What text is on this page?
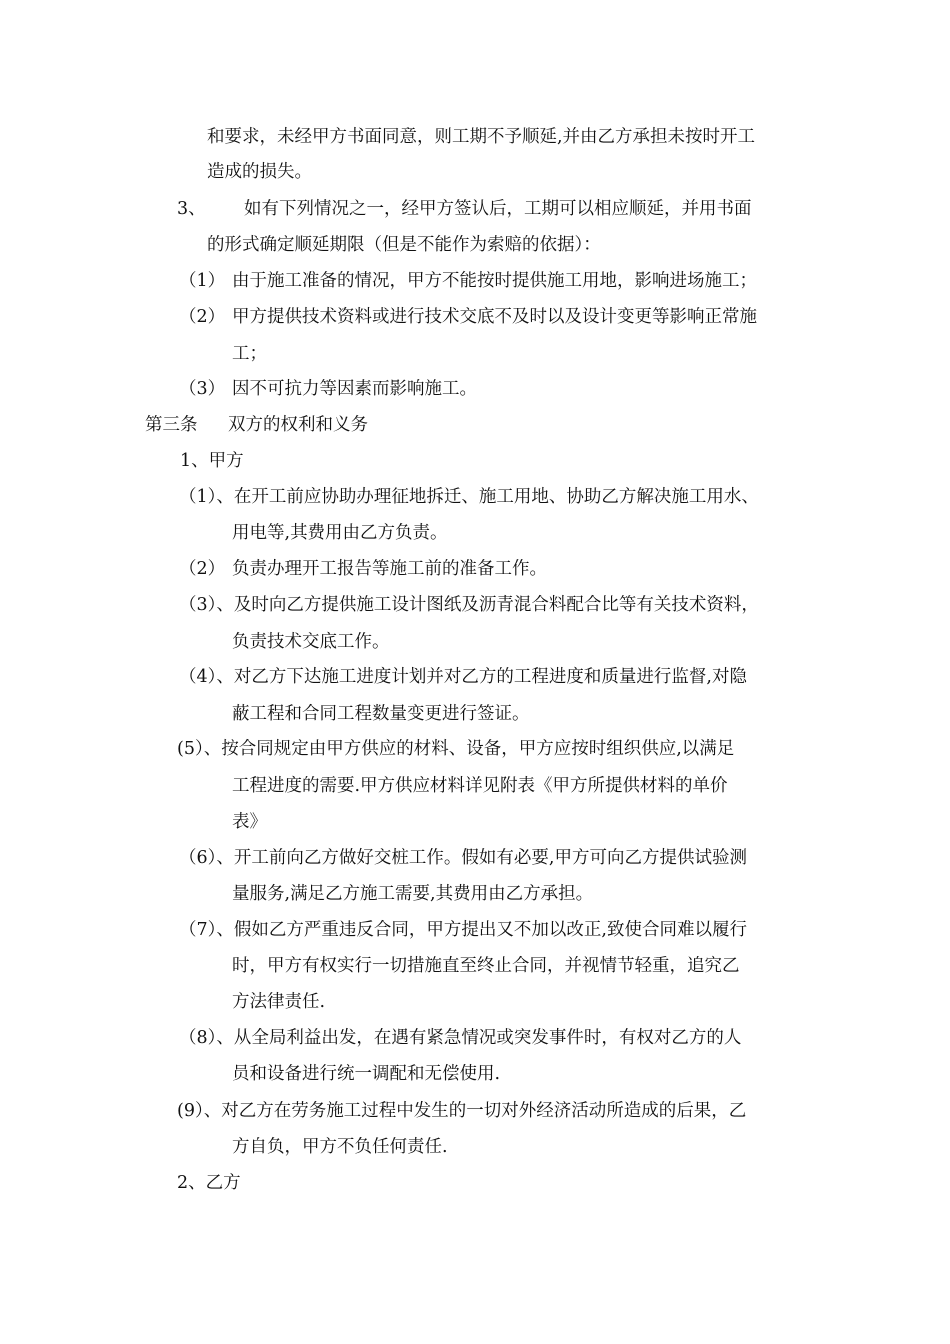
和要求，未经甲方书面同意，则工期不予顺延,并由乙方承担未按时开工
造成的损失。
3、 如有下列情况之一，经甲方签认后，工期可以相应顺延，并用书面
的形式确定顺延期限（但是不能作为索赔的依据）：
（1） 由于施工准备的情况，甲方不能按时提供施工用地，影响进场施工；
（2） 甲方提供技术资料或进行技术交底不及时以及设计变更等影响正常施
工；
（3） 因不可抗力等因素而影响施工。
第三条 双方的权利和义务
1、甲方
（1）、在开工前应协助办理征地拆迁、施工用地、协助乙方解决施工用水、
用电等,其费用由乙方负责。
（2） 负责办理开工报告等施工前的准备工作。
（3）、及时向乙方提供施工设计图纸及沥青混合料配合比等有关技术资料，
负责技术交底工作。
（4）、对乙方下达施工进度计划并对乙方的工程进度和质量进行监督,对隐
蔽工程和合同工程数量变更进行签证。
(5）、按合同规定由甲方供应的材料、设备，甲方应按时组织供应,以满足
工程进度的需要.甲方供应材料详见附表《甲方所提供材料的单价
表》
（6）、开工前向乙方做好交桩工作。假如有必要,甲方可向乙方提供试验测
量服务,满足乙方施工需要,其费用由乙方承担。
（7）、假如乙方严重违反合同，甲方提出又不加以改正,致使合同难以履行
时，甲方有权实行一切措施直至终止合同，并视情节轻重，追究乙
方法律责任.
（8）、从全局利益出发，在遇有紧急情况或突发事件时，有权对乙方的人
员和设备进行统一调配和无偿使用.
(9）、对乙方在劳务施工过程中发生的一切对外经济活动所造成的后果，乙
方自负，甲方不负任何责任.
2、乙方
